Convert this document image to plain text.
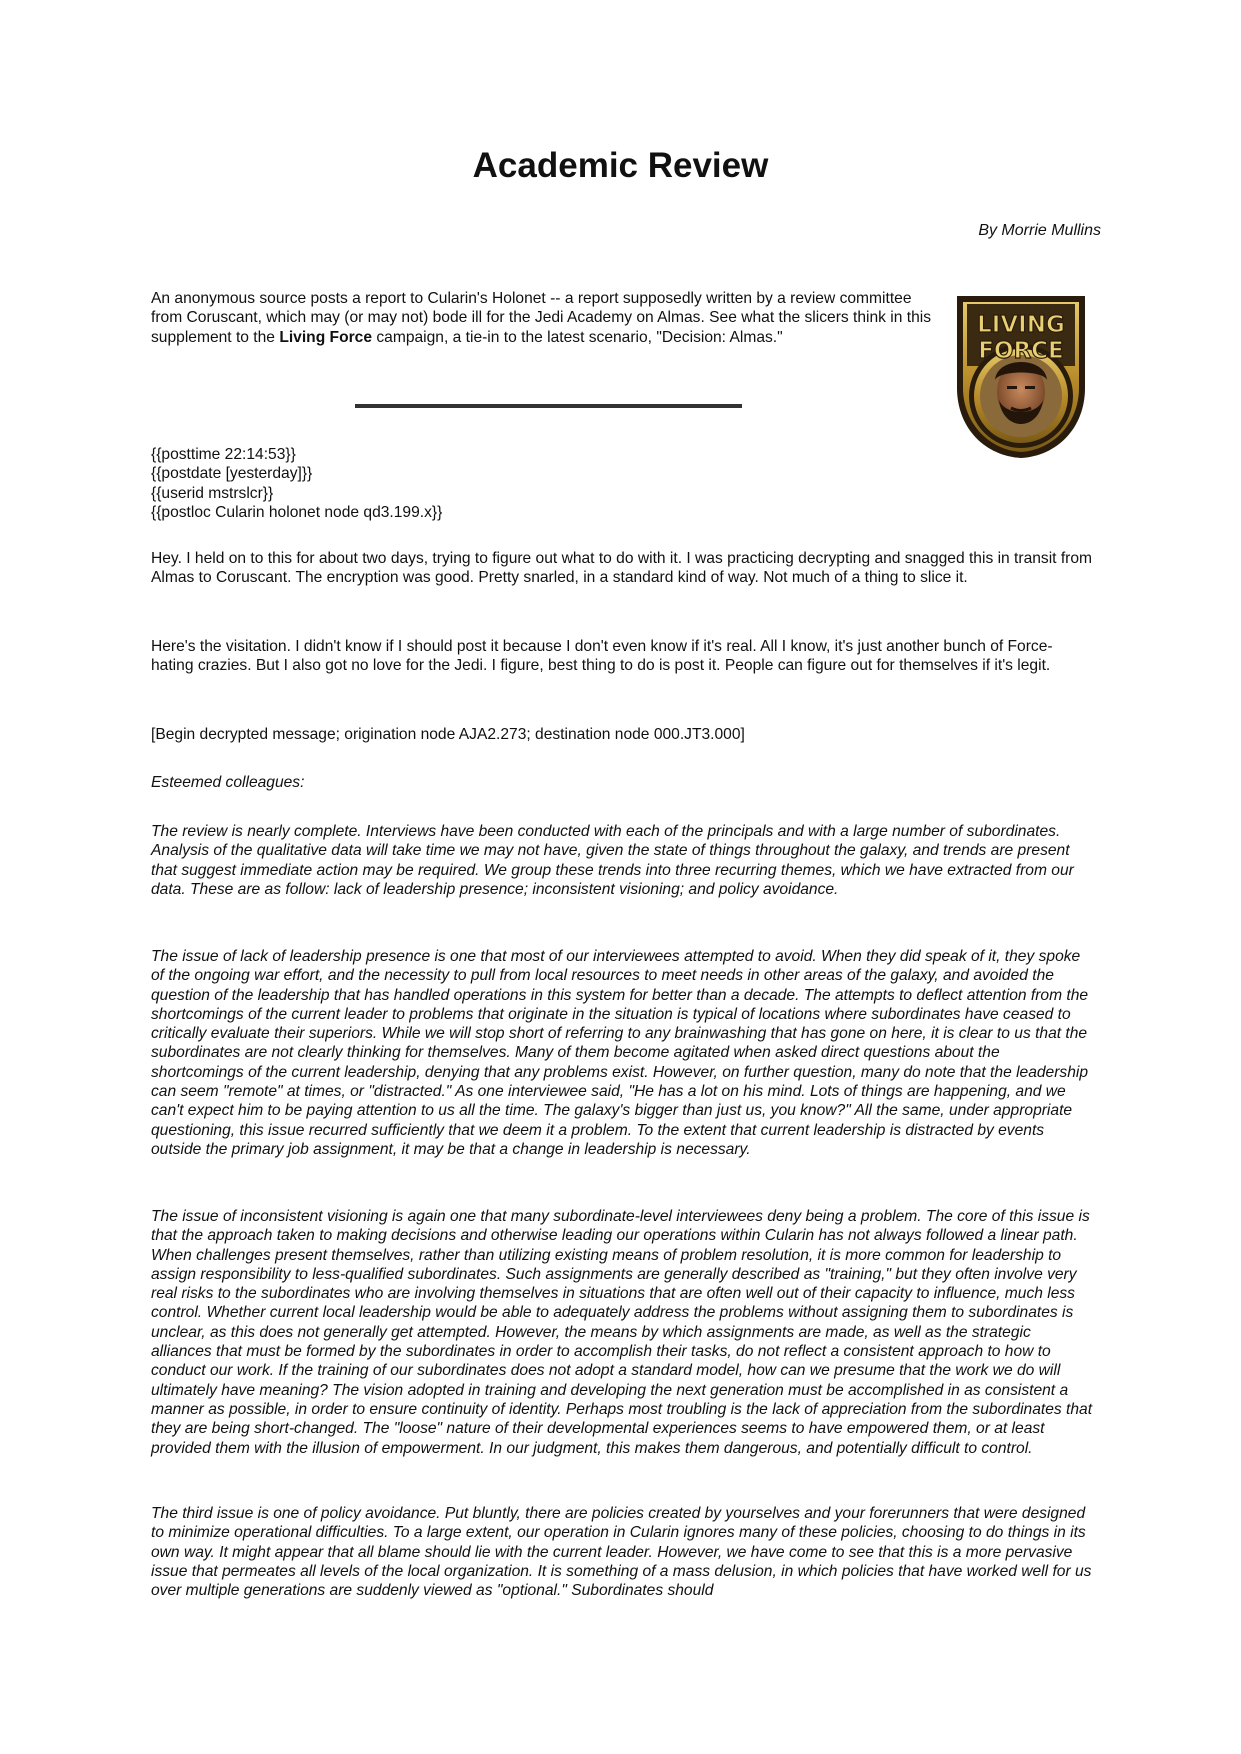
Academic Review

By Morrie Mullins

An anonymous source posts a report to Cularin's Holonet -- a report supposedly written by a review committee from Coruscant, which may (or may not) bode ill for the Jedi Academy on Almas. See what the slicers think in this supplement to the Living Force campaign, a tie-in to the latest scenario, "Decision: Almas."	LIVING
FORCE
{{posttime 22:14:53}}
{{postdate [yesterday]}}
{{userid mstrslcr}}
{{postloc Cularin holonet node qd3.199.x}}

Hey. I held on to this for about two days, trying to figure out what to do with it. I was practicing decrypting and snagged this in transit from Almas to Coruscant. The encryption was good. Pretty snarled, in a standard kind of way. Not much of a thing to slice it.

Here's the visitation. I didn't know if I should post it because I don't even know if it's real. All I know, it's just another bunch of Force-hating crazies. But I also got no love for the Jedi. I figure, best thing to do is post it. People can figure out for themselves if it's legit.

[Begin decrypted message; origination node AJA2.273; destination node 000.JT3.000]

Esteemed colleagues:

The review is nearly complete. Interviews have been conducted with each of the principals and with a large number of subordinates. Analysis of the qualitative data will take time we may not have, given the state of things throughout the galaxy, and trends are present that suggest immediate action may be required. We group these trends into three recurring themes, which we have extracted from our data. These are as follow: lack of leadership presence; inconsistent visioning; and policy avoidance.

The issue of lack of leadership presence is one that most of our interviewees attempted to avoid. When they did speak of it, they spoke of the ongoing war effort, and the necessity to pull from local resources to meet needs in other areas of the galaxy, and avoided the question of the leadership that has handled operations in this system for better than a decade. The attempts to deflect attention from the shortcomings of the current leader to problems that originate in the situation is typical of locations where subordinates have ceased to critically evaluate their superiors. While we will stop short of referring to any brainwashing that has gone on here, it is clear to us that the subordinates are not clearly thinking for themselves. Many of them become agitated when asked direct questions about the shortcomings of the current leadership, denying that any problems exist. However, on further question, many do note that the leadership can seem "remote" at times, or "distracted." As one interviewee said, "He has a lot on his mind. Lots of things are happening, and we can't expect him to be paying attention to us all the time. The galaxy's bigger than just us, you know?" All the same, under appropriate questioning, this issue recurred sufficiently that we deem it a problem. To the extent that current leadership is distracted by events outside the primary job assignment, it may be that a change in leadership is necessary.

The issue of inconsistent visioning is again one that many subordinate-level interviewees deny being a problem. The core of this issue is that the approach taken to making decisions and otherwise leading our operations within Cularin has not always followed a linear path. When challenges present themselves, rather than utilizing existing means of problem resolution, it is more common for leadership to assign responsibility to less-qualified subordinates. Such assignments are generally described as "training," but they often involve very real risks to the subordinates who are involving themselves in situations that are often well out of their capacity to influence, much less control. Whether current local leadership would be able to adequately address the problems without assigning them to subordinates is unclear, as this does not generally get attempted. However, the means by which assignments are made, as well as the strategic alliances that must be formed by the subordinates in order to accomplish their tasks, do not reflect a consistent approach to how to conduct our work. If the training of our subordinates does not adopt a standard model, how can we presume that the work we do will ultimately have meaning? The vision adopted in training and developing the next generation must be accomplished in as consistent a manner as possible, in order to ensure continuity of identity. Perhaps most troubling is the lack of appreciation from the subordinates that they are being short-changed. The "loose" nature of their developmental experiences seems to have empowered them, or at least provided them with the illusion of empowerment. In our judgment, this makes them dangerous, and potentially difficult to control.

The third issue is one of policy avoidance. Put bluntly, there are policies created by yourselves and your forerunners that were designed to minimize operational difficulties. To a large extent, our operation in Cularin ignores many of these policies, choosing to do things in its own way. It might appear that all blame should lie with the current leader. However, we have come to see that this is a more pervasive issue that permeates all levels of the local organization. It is something of a mass delusion, in which policies that have worked well for us over multiple generations are suddenly viewed as "optional." Subordinates should
